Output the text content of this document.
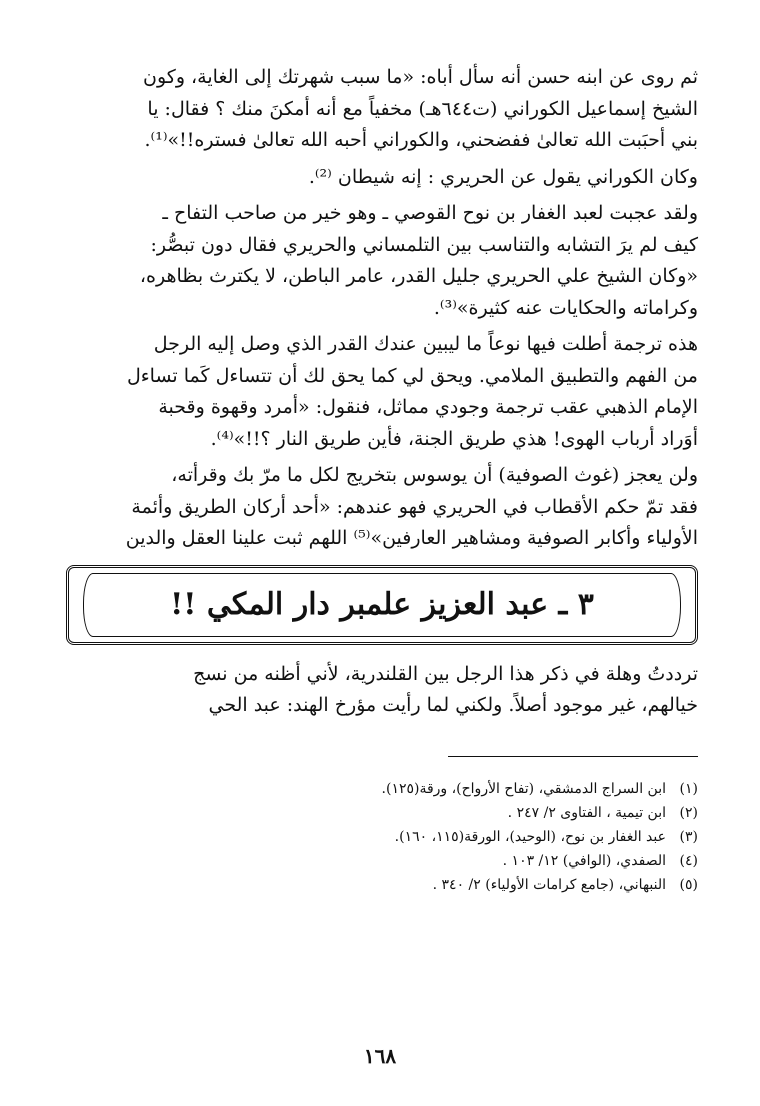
ثم روى عن ابنه حسن أنه سأل أباه: «ما سبب شهرتك إلى الغاية، وكون

الشيخ إسماعيل الكوراني (ت٦٤٤هـ) مخفياً مع أنه أمكنَ منك ؟ فقال: يا

بني أحبَبت الله تعالىٰ ففضحني، والكوراني أحبه الله تعالىٰ فستره!!»⁽¹⁾.

وكان الكوراني يقول عن الحريري : إنه شيطان ⁽²⁾.

ولقد عجبت لعبد الغفار بن نوح القوصي ـ وهو خير من صاحب التفاح ـ

كيف لم يرَ التشابه والتناسب بين التلمساني والحريري فقال دون تبصُّر:

«وكان الشيخ علي الحريري جليل القدر، عامر الباطن، لا يكترث بظاهره،

وكراماته والحكايات عنه كثيرة»⁽³⁾.

هذه ترجمة أطلت فيها نوعاً ما ليبين عندك القدر الذي وصل إليه الرجل

من الفهم والتطبيق الملامي. ويحق لي كما يحق لك أن تتساءل كَما تساءل

الإمام الذهبي عقب ترجمة وجودي مماثل، فنقول: «أمرد وقهوة وقحبة

أوَراد أرباب الهوى! هذي طريق الجنة، فأين طريق النار ؟!!»⁽⁴⁾.

ولن يعجز (غوث الصوفية) أن يوسوس بتخريج لكل ما مرّ بك وقرأته،

فقد تمّ حكم الأقطاب في الحريري فهو عندهم: «أحد أركان الطريق وأئمة

الأولياء وأكابر الصوفية ومشاهير العارفين»⁽⁵⁾ اللهم ثبت علينا العقل والدين

٣ ـ عبد العزيز علمبر دار المكي !!

ترددتُ وهلة في ذكر هذا الرجل بين القلندرية، لأني أظنه من نسج

خيالهم، غير موجود أصلاً. ولكني لما رأيت مؤرخ الهند: عبد الحي

(١)
ابن السراج الدمشقي، (تفاح الأرواح)، ورقة(١٢٥).
(٢)
ابن تيمية ، الفتاوى ٢/ ٢٤٧ .
(٣)
عبد الغفار بن نوح، (الوحيد)، الورقة(١١٥، ١٦٠).
(٤)
الصفدي، (الوافي) ١٢/ ١٠٣ .
(٥)
النبهاني، (جامع كرامات الأولياء) ٢/ ٣٤٠ .
١٦٨
